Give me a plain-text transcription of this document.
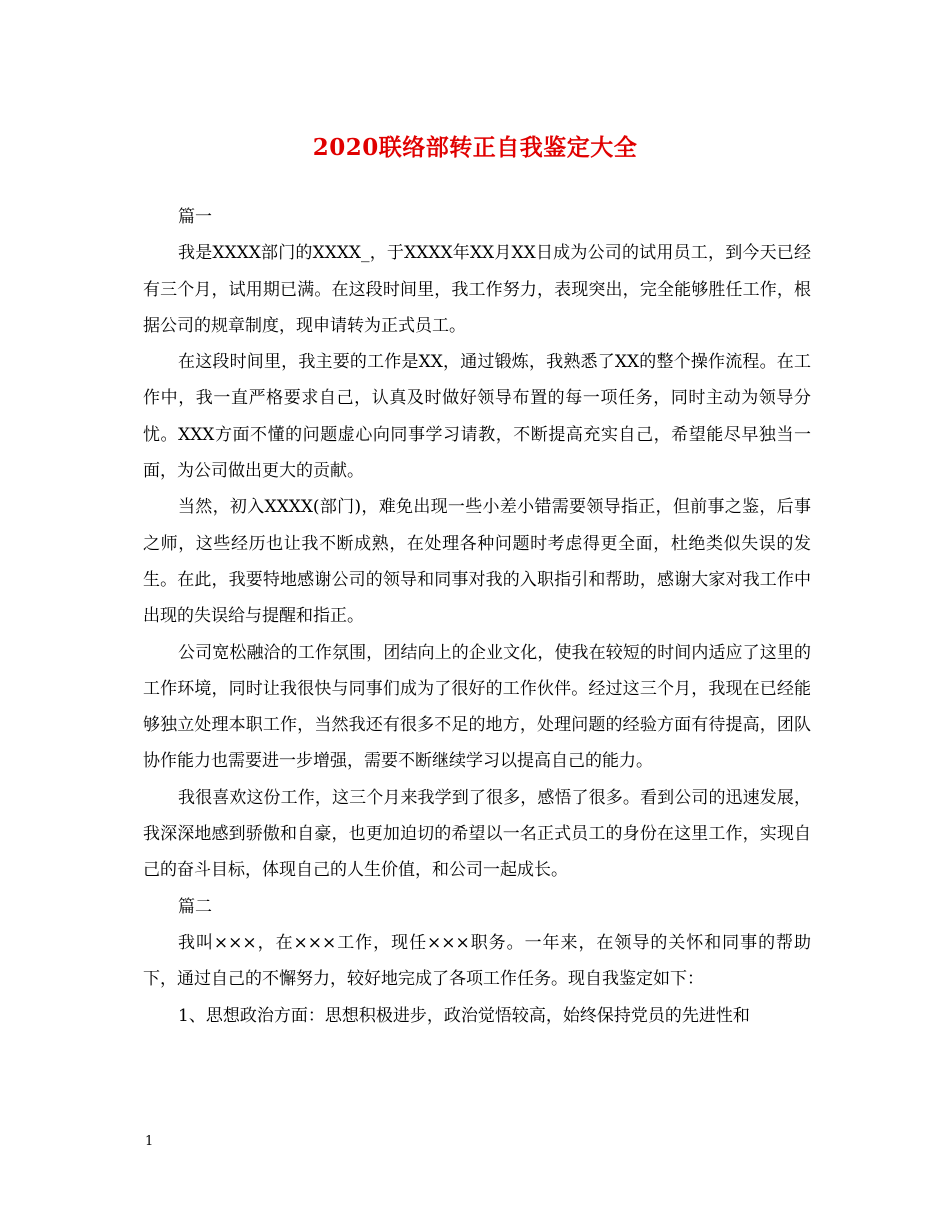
2020联络部转正自我鉴定大全

篇一

我是XXXX部门的XXXX_，于XXXX年XX月XX日成为公司的试用员工，到今天已经有三个月，试用期已满。在这段时间里，我工作努力，表现突出，完全能够胜任工作，根据公司的规章制度，现申请转为正式员工。

在这段时间里，我主要的工作是XX，通过锻炼，我熟悉了XX的整个操作流程。在工作中，我一直严格要求自己，认真及时做好领导布置的每一项任务，同时主动为领导分忧。XXX方面不懂的问题虚心向同事学习请教，不断提高充实自己，希望能尽早独当一面，为公司做出更大的贡献。

当然，初入XXXX(部门)，难免出现一些小差小错需要领导指正，但前事之鉴，后事之师，这些经历也让我不断成熟，在处理各种问题时考虑得更全面，杜绝类似失误的发生。在此，我要特地感谢公司的领导和同事对我的入职指引和帮助，感谢大家对我工作中出现的失误给与提醒和指正。

公司宽松融洽的工作氛围，团结向上的企业文化，使我在较短的时间内适应了这里的工作环境，同时让我很快与同事们成为了很好的工作伙伴。经过这三个月，我现在已经能够独立处理本职工作，当然我还有很多不足的地方，处理问题的经验方面有待提高，团队协作能力也需要进一步增强，需要不断继续学习以提高自己的能力。

我很喜欢这份工作，这三个月来我学到了很多，感悟了很多。看到公司的迅速发展，我深深地感到骄傲和自豪，也更加迫切的希望以一名正式员工的身份在这里工作，实现自己的奋斗目标，体现自己的人生价值，和公司一起成长。

篇二

我叫×××，在×××工作，现任×××职务。一年来，在领导的关怀和同事的帮助下，通过自己的不懈努力，较好地完成了各项工作任务。现自我鉴定如下：

1、思想政治方面：思想积极进步，政治觉悟较高，始终保持党员的先进性和

1
